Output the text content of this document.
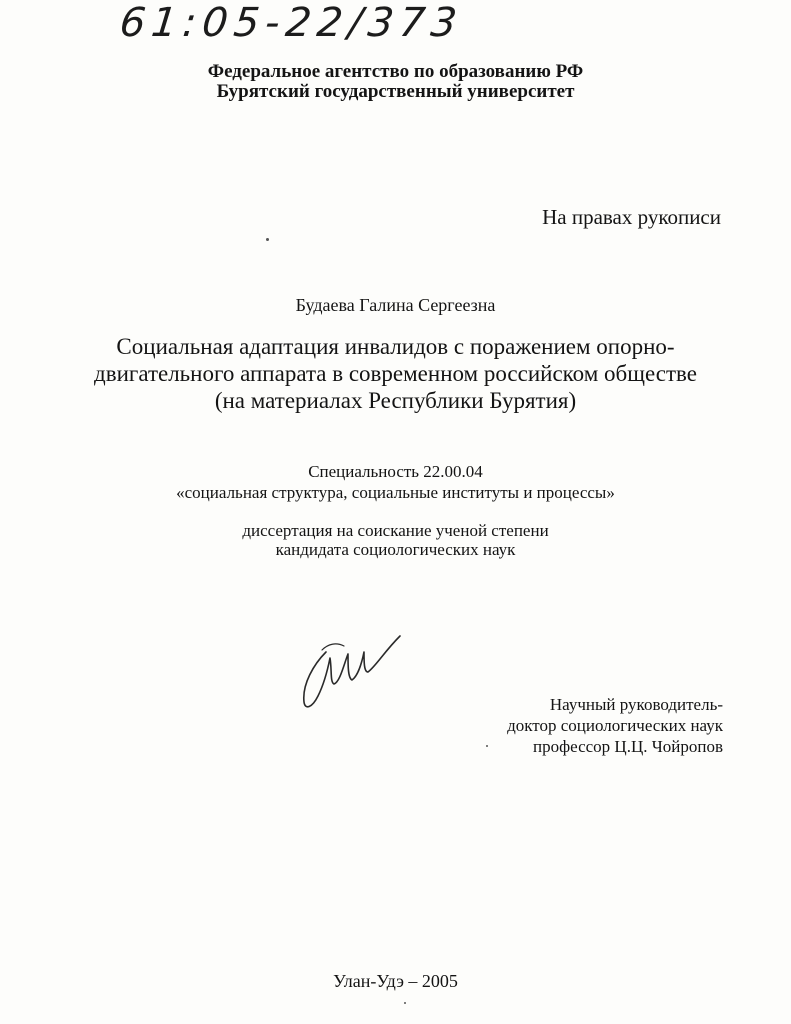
61:05-22/373
Федеральное агентство по образованию РФ
Бурятский государственный университет
На правах рукописи
Будаева Галина Сергеезна
Социальная адаптация инвалидов с поражением опорно-
двигательного аппарата в современном российском обществе
(на материалах Республики Бурятия)
Специальность 22.00.04
«социальная структура, социальные институты и процессы»
диссертация на соискание ученой степени
кандидата социологических наук
Научный руководитель-
доктор социологических наук
профессор Ц.Ц. Чойропов
Улан-Удэ – 2005
